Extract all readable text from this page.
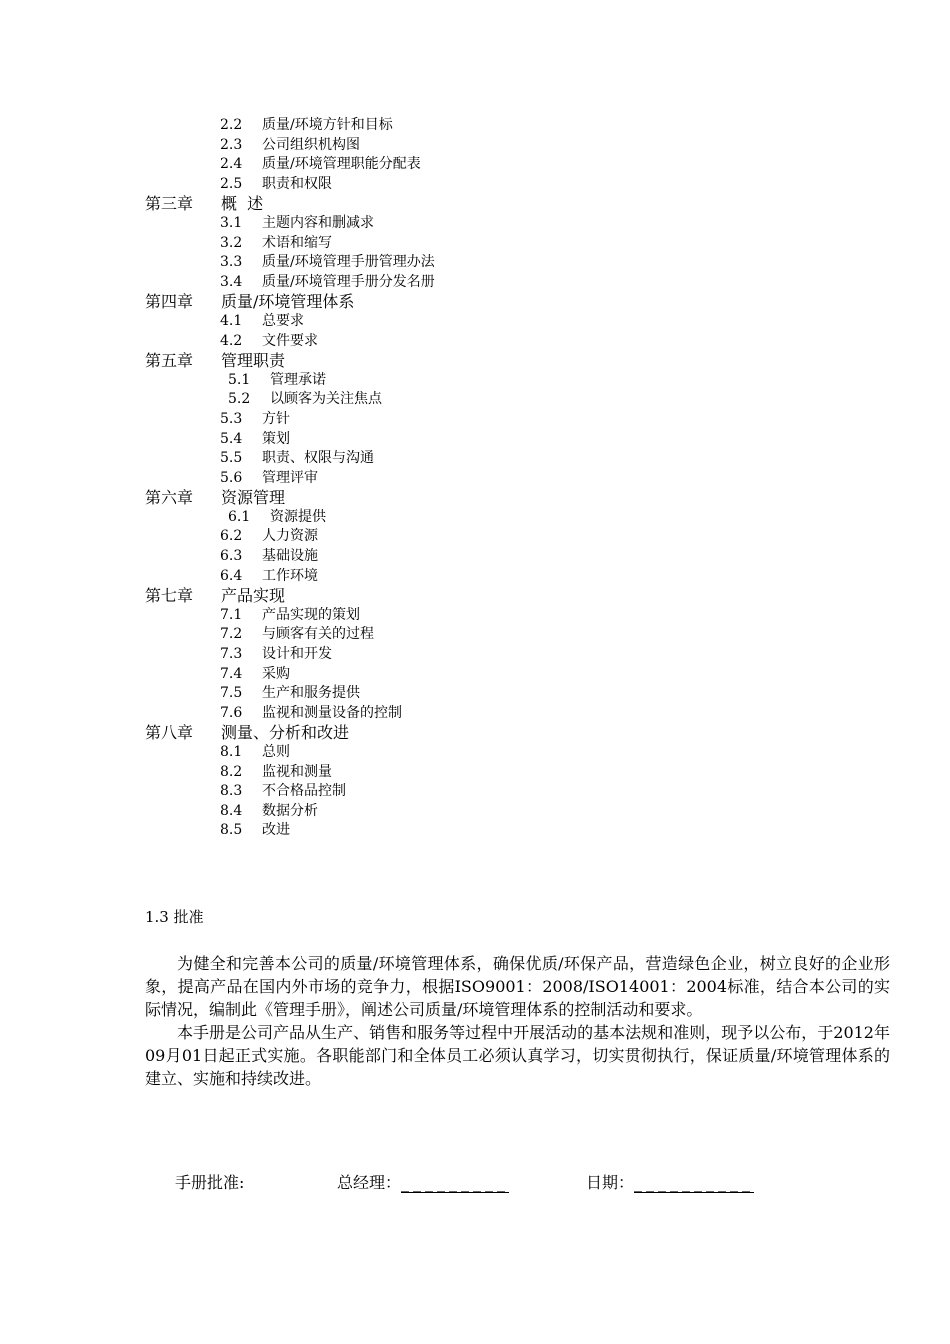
2.2 质量/环境方针和目标
2.3 公司组织机构图
2.4 质量/环境管理职能分配表
2.5 职责和权限
第三章 概  述
3.1 主题内容和删减求
3.2 术语和缩写
3.3 质量/环境管理手册管理办法
3.4 质量/环境管理手册分发名册
第四章 质量/环境管理体系
4.1 总要求
4.2 文件要求
第五章 管理职责
5.1 管理承诺
5.2 以顾客为关注焦点
5.3 方针
5.4 策划
5.5 职责、权限与沟通
5.6 管理评审
第六章 资源管理
6.1 资源提供
6.2 人力资源
6.3 基础设施
6.4 工作环境
第七章 产品实现
7.1 产品实现的策划
7.2 与顾客有关的过程
7.3 设计和开发
7.4 采购
7.5 生产和服务提供
7.6 监视和测量设备的控制
第八章 测量、分析和改进
8.1 总则
8.2 监视和测量
8.3 不合格品控制
8.4 数据分析
8.5 改进
1.3 批准

为健全和完善本公司的质量/环境管理体系，确保优质/环保产品，营造绿色企业，树立良好的企业形象，提高产品在国内外市场的竞争力，根据ISO9001：2008/ISO14001：2004标准，结合本公司的实际情况，编制此《管理手册》，阐述公司质量/环境管理体系的控制活动和要求。

本手册是公司产品从生产、销售和服务等过程中开展活动的基本法规和准则，现予以公布，于2012年09月01日起正式实施。各职能部门和全体员工必须认真学习，切实贯彻执行，保证质量/环境管理体系的建立、实施和持续改进。

手册批准:	总经理：_________	日期：__________
